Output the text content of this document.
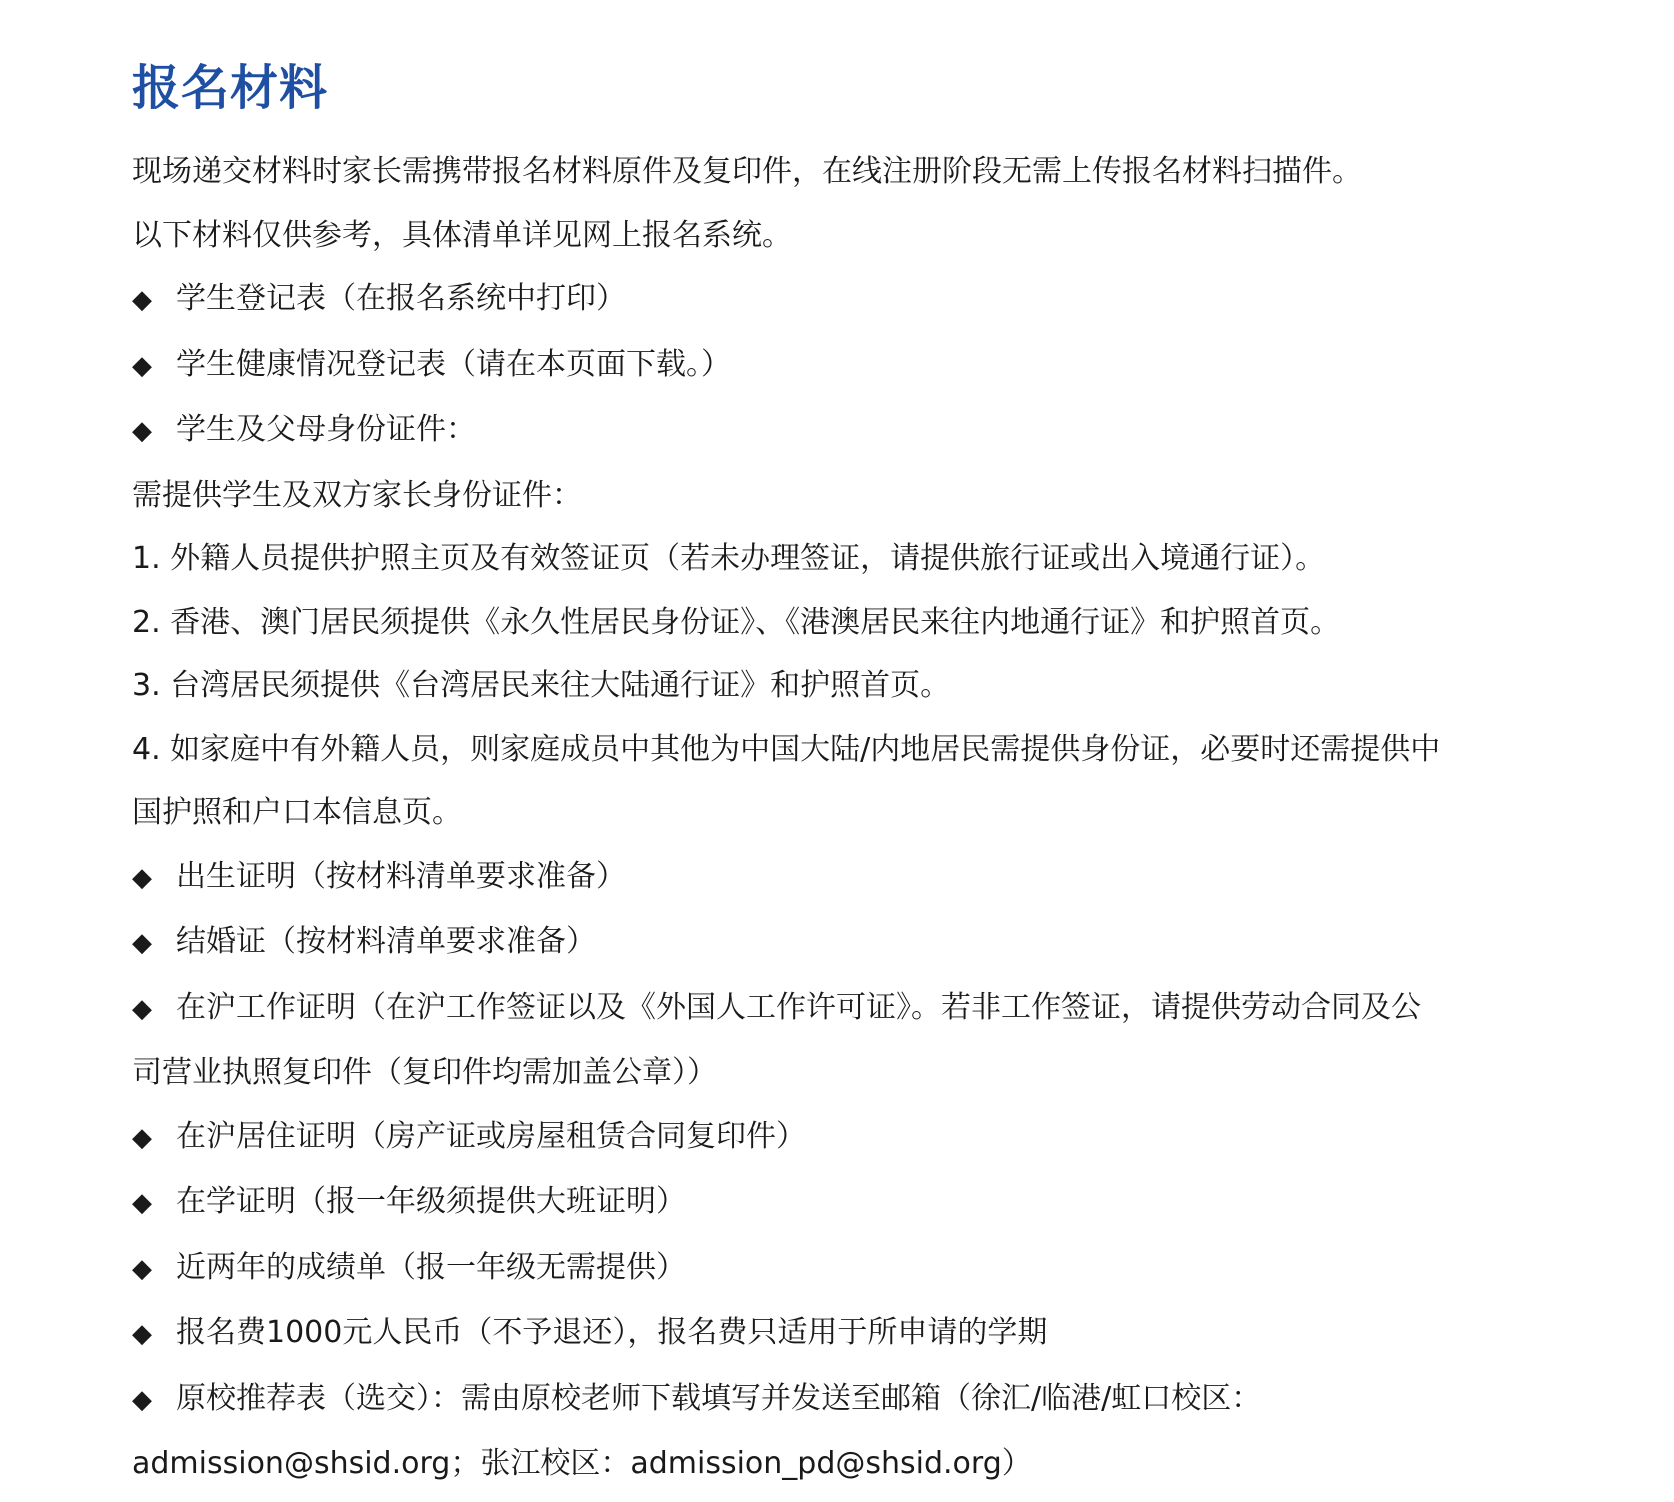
报名材料

现场递交材料时家长需携带报名材料原件及复印件，在线注册阶段无需上传报名材料扫描件。

以下材料仅供参考，具体清单详见网上报名系统。

◆ 学生登记表（在报名系统中打印）

◆ 学生健康情况登记表（请在本页面下载。）

◆ 学生及父母身份证件：

需提供学生及双方家长身份证件：

1. 外籍人员提供护照主页及有效签证页（若未办理签证，请提供旅行证或出入境通行证）。

2. 香港、澳门居民须提供《永久性居民身份证》、《港澳居民来往内地通行证》和护照首页。

3. 台湾居民须提供《台湾居民来往大陆通行证》和护照首页。

4. 如家庭中有外籍人员，则家庭成员中其他为中国大陆/内地居民需提供身份证，必要时还需提供中

国护照和户口本信息页。

◆ 出生证明（按材料清单要求准备）

◆ 结婚证（按材料清单要求准备）

◆ 在沪工作证明（在沪工作签证以及《外国人工作许可证》。若非工作签证，请提供劳动合同及公

司营业执照复印件（复印件均需加盖公章））

◆ 在沪居住证明（房产证或房屋租赁合同复印件）

◆ 在学证明（报一年级须提供大班证明）

◆ 近两年的成绩单（报一年级无需提供）

◆ 报名费1000元人民币（不予退还），报名费只适用于所申请的学期

◆ 原校推荐表（选交）：需由原校老师下载填写并发送至邮箱（徐汇/临港/虹口校区：

admission@shsid.org；张江校区：admission_pd@shsid.org）
